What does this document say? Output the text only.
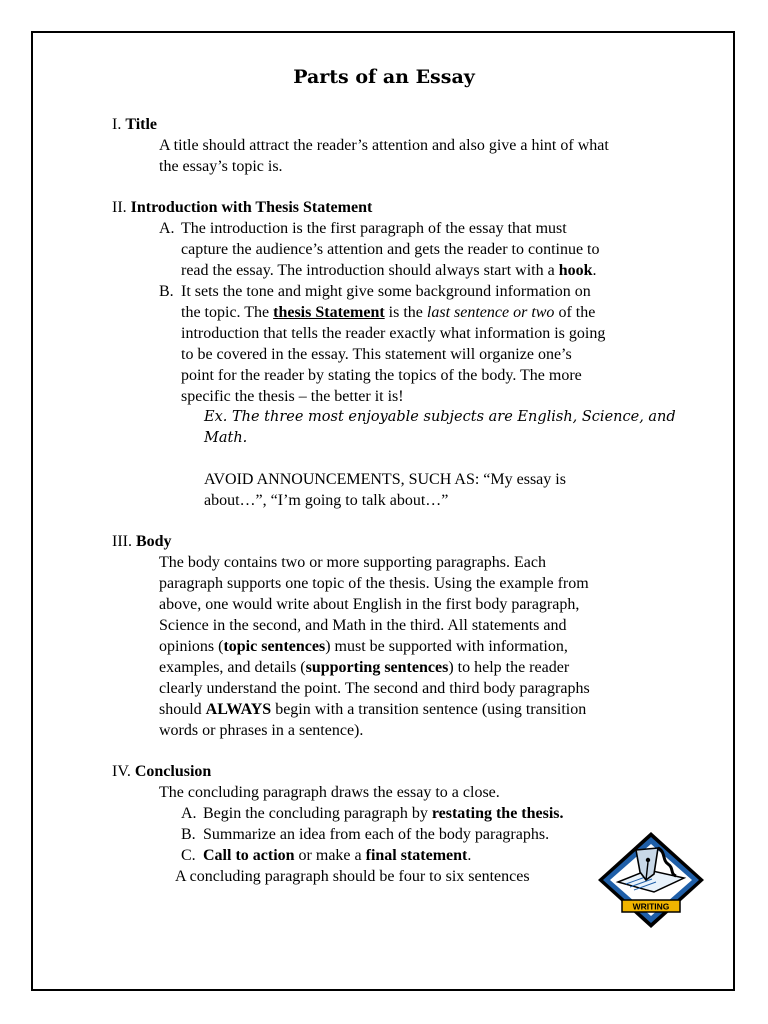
Parts of an Essay
I. Title
A title should attract the reader’s attention and also give a hint of what
the essay’s topic is.
II. Introduction with Thesis Statement
A. The introduction is the first paragraph of the essay that must
capture the audience’s attention and gets the reader to continue to
read the essay. The introduction should always start with a hook.
B. It sets the tone and might give some background information on
the topic. The thesis Statement is the last sentence or two of the
introduction that tells the reader exactly what information is going
to be covered in the essay. This statement will organize one’s
point for the reader by stating the topics of the body. The more
specific the thesis – the better it is!
Ex. The three most enjoyable subjects are English, Science, and
Math.
AVOID ANNOUNCEMENTS, SUCH AS: “My essay is
about…”, “I’m going to talk about…”
III. Body
The body contains two or more supporting paragraphs. Each
paragraph supports one topic of the thesis. Using the example from
above, one would write about English in the first body paragraph,
Science in the second, and Math in the third. All statements and
opinions (topic sentences) must be supported with information,
examples, and details (supporting sentences) to help the reader
clearly understand the point. The second and third body paragraphs
should ALWAYS begin with a transition sentence (using transition
words or phrases in a sentence).
IV. Conclusion
The concluding paragraph draws the essay to a close.
A. Begin the concluding paragraph by restating the thesis.
B. Summarize an idea from each of the body paragraphs.
C. Call to action or make a final statement.
A concluding paragraph should be four to six sentences
WRITING
